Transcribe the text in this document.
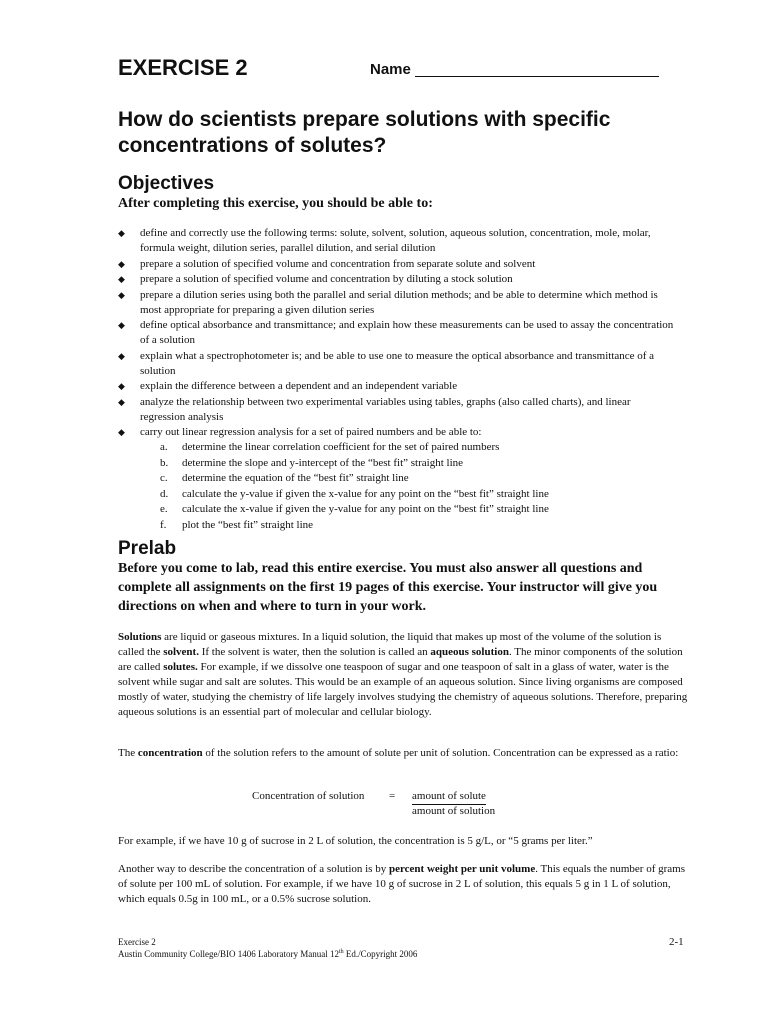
EXERCISE 2	Name
How do scientists prepare solutions with specific concentrations of solutes?
Objectives

After completing this exercise, you should be able to:

◆ define and correctly use the following terms: solute, solvent, solution, aqueous solution, concentration, mole, molar, formula weight, dilution series, parallel dilution, and serial dilution
◆ prepare a solution of specified volume and concentration from separate solute and solvent
◆ prepare a solution of specified volume and concentration by diluting a stock solution
◆ prepare a dilution series using both the parallel and serial dilution methods; and be able to determine which method is most appropriate for preparing a given dilution series
◆ define optical absorbance and transmittance; and explain how these measurements can be used to assay the concentration of a solution
◆ explain what a spectrophotometer is; and be able to use one to measure the optical absorbance and transmittance of a solution
◆ explain the difference between a dependent and an independent variable
◆ analyze the relationship between two experimental variables using tables, graphs (also called charts), and linear regression analysis
◆ carry out linear regression analysis for a set of paired numbers and be able to:
a.	determine the linear correlation coefficient for the set of paired numbers
b.	determine the slope and y-intercept of the “best fit” straight line
c.	determine the equation of the “best fit” straight line
d.	calculate the y-value if given the x-value for any point on the “best fit” straight line
e.	calculate the x-value if given the y-value for any point on the “best fit” straight line
f.	plot the “best fit” straight line
Prelab

Before you come to lab, read this entire exercise. You must also answer all questions and complete all assignments on the first 19 pages of this exercise. Your instructor will give you directions on when and where to turn in your work.

Solutions are liquid or gaseous mixtures. In a liquid solution, the liquid that makes up most of the volume of the solution is called the solvent. If the solvent is water, then the solution is called an aqueous solution. The minor components of the solution are called solutes. For example, if we dissolve one teaspoon of sugar and one teaspoon of salt in a glass of water, water is the solvent while sugar and salt are solutes. This would be an example of an aqueous solution. Since living organisms are composed mostly of water, studying the chemistry of life largely involves studying the chemistry of aqueous solutions. Therefore, preparing aqueous solutions is an essential part of molecular and cellular biology.

The concentration of the solution refers to the amount of solute per unit of solution. Concentration can be expressed as a ratio:

Concentration of solution = amount of solute
amount of solution

For example, if we have 10 g of sucrose in 2 L of solution, the concentration is 5 g/L, or “5 grams per liter.”

Another way to describe the concentration of a solution is by percent weight per unit volume. This equals the number of grams of solute per 100 mL of solution. For example, if we have 10 g of sucrose in 2 L of solution, this equals 5 g in 1 L of solution, which equals 0.5g in 100 mL, or a 0.5% sucrose solution.

Exercise 2

Austin Community College/BIO 1406 Laboratory Manual 12th Ed./Copyright 2006

2-1
